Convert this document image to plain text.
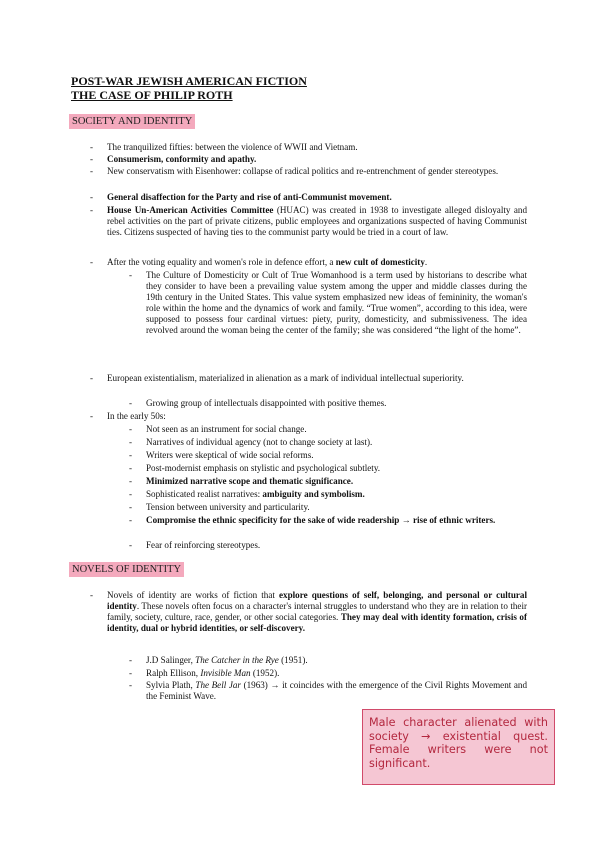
POST-WAR JEWISH AMERICAN FICTION
THE CASE OF PHILIP ROTH
SOCIETY AND IDENTITY
- The tranquilized fifties: between the violence of WWII and Vietnam.
- Consumerism, conformity and apathy.
- New conservatism with Eisenhower: collapse of radical politics and re-entrenchment of gender stereotypes.
- General disaffection for the Party and rise of anti-Communist movement.
- House Un-American Activities Committee (HUAC) was created in 1938 to investigate alleged disloyalty and rebel activities on the part of private citizens, public employees and organizations suspected of having Communist ties. Citizens suspected of having ties to the communist party would be tried in a court of law.
- After the voting equality and women's role in defence effort, a new cult of domesticity.
- The Culture of Domesticity or Cult of True Womanhood is a term used by historians to describe what they consider to have been a prevailing value system among the upper and middle classes during the 19th century in the United States. This value system emphasized new ideas of femininity, the woman's role within the home and the dynamics of work and family. “True women”, according to this idea, were supposed to possess four cardinal virtues: piety, purity, domesticity, and submissiveness. The idea revolved around the woman being the center of the family; she was considered “the light of the home”.
- European existentialism, materialized in alienation as a mark of individual intellectual superiority.
- Growing group of intellectuals disappointed with positive themes.
- In the early 50s:
- Not seen as an instrument for social change.
- Narratives of individual agency (not to change society at last).
- Writers were skeptical of wide social reforms.
- Post-modernist emphasis on stylistic and psychological subtlety.
- Minimized narrative scope and thematic significance.
- Sophisticated realist narratives: ambiguity and symbolism.
- Tension between university and particularity.
- Compromise the ethnic specificity for the sake of wide readership → rise of ethnic writers.
- Fear of reinforcing stereotypes.
NOVELS OF IDENTITY
- Novels of identity are works of fiction that explore questions of self, belonging, and personal or cultural identity. These novels often focus on a character's internal struggles to understand who they are in relation to their family, society, culture, race, gender, or other social categories. They may deal with identity formation, crisis of identity, dual or hybrid identities, or self-discovery.
- J.D Salinger, The Catcher in the Rye (1951).
- Ralph Ellison, Invisible Man (1952).
- Sylvia Plath, The Bell Jar (1963) → it coincides with the emergence of the Civil Rights Movement and the Feminist Wave.
Male character alienated with society → existential quest. Female writers were not significant.
